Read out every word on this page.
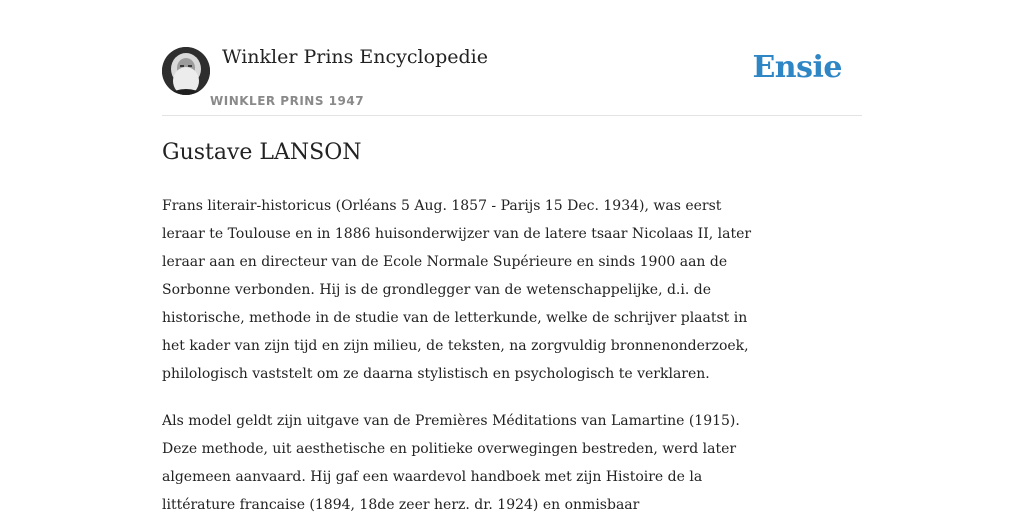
Winkler Prins Encyclopedie
WINKLER PRINS 1947
Ensie
Gustave LANSON

Frans literair-historicus (Orléans 5 Aug. 1857 - Parijs 15 Dec. 1934), was eerst
leraar te Toulouse en in 1886 huisonderwijzer van de latere tsaar Nicolaas II, later
leraar aan en directeur van de Ecole Normale Supérieure en sinds 1900 aan de
Sorbonne verbonden. Hij is de grondlegger van de wetenschappelijke, d.i. de
historische, methode in de studie van de letterkunde, welke de schrijver plaatst in
het kader van zijn tijd en zijn milieu, de teksten, na zorgvuldig bronnenonderzoek,
philologisch vaststelt om ze daarna stylistisch en psychologisch te verklaren.

Als model geldt zijn uitgave van de Premières Méditations van Lamartine (1915).
Deze methode, uit aesthetische en politieke overwegingen bestreden, werd later
algemeen aanvaard. Hij gaf een waardevol handboek met zijn Histoire de la
littérature francaise (1894, 18de zeer herz. dr. 1924) en onmisbaar
